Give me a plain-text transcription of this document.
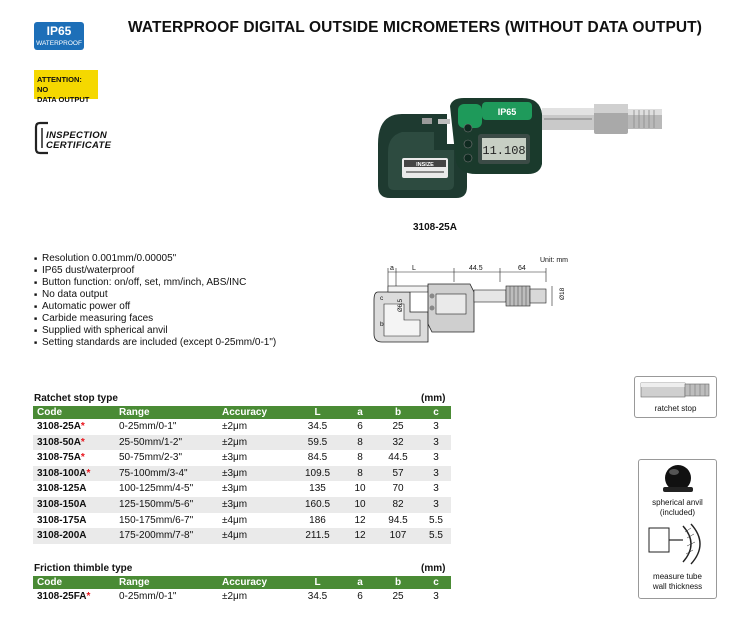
IP65
WATERPROOF
WATERPROOF DIGITAL OUTSIDE MICROMETERS (WITHOUT DATA OUTPUT)
ATTENTION: NO
DATA OUTPUT
INSPECTION
CERTIFICATE
INSIZE
IP65
11.108
3108-25A
■ Resolution 0.001mm/0.00005"
■ IP65 dust/waterproof
■ Button function: on/off, set, mm/inch, ABS/INC
■ No data output
■ Automatic power off
■ Carbide measuring faces
■ Supplied with spherical anvil
■ Setting standards are included (except 0-25mm/0-1")
Unit: mm
a	L	44.5	64
Ø18
Ø6.5
c
b
Ratchet stop type	(mm)
Code	Range	Accuracy	L	a	b	c
3108-25A*	0-25mm/0-1"	±2μm	34.5	6	25	3
3108-50A*	25-50mm/1-2"	±2μm	59.5	8	32	3
3108-75A*	50-75mm/2-3"	±3μm	84.5	8	44.5	3
3108-100A*	75-100mm/3-4"	±3μm	109.5	8	57	3
3108-125A	100-125mm/4-5"	±3μm	135	10	70	3
3108-150A	125-150mm/5-6"	±3μm	160.5	10	82	3
3108-175A	150-175mm/6-7"	±4μm	186	12	94.5	5.5
3108-200A	175-200mm/7-8"	±4μm	211.5	12	107	5.5
Friction thimble type	(mm)
Code	Range	Accuracy	L	a	b	c
3108-25FA*	0-25mm/0-1"	±2μm	34.5	6	25	3
ratchet stop
spherical anvil
(included)
measure tube
wall thickness
